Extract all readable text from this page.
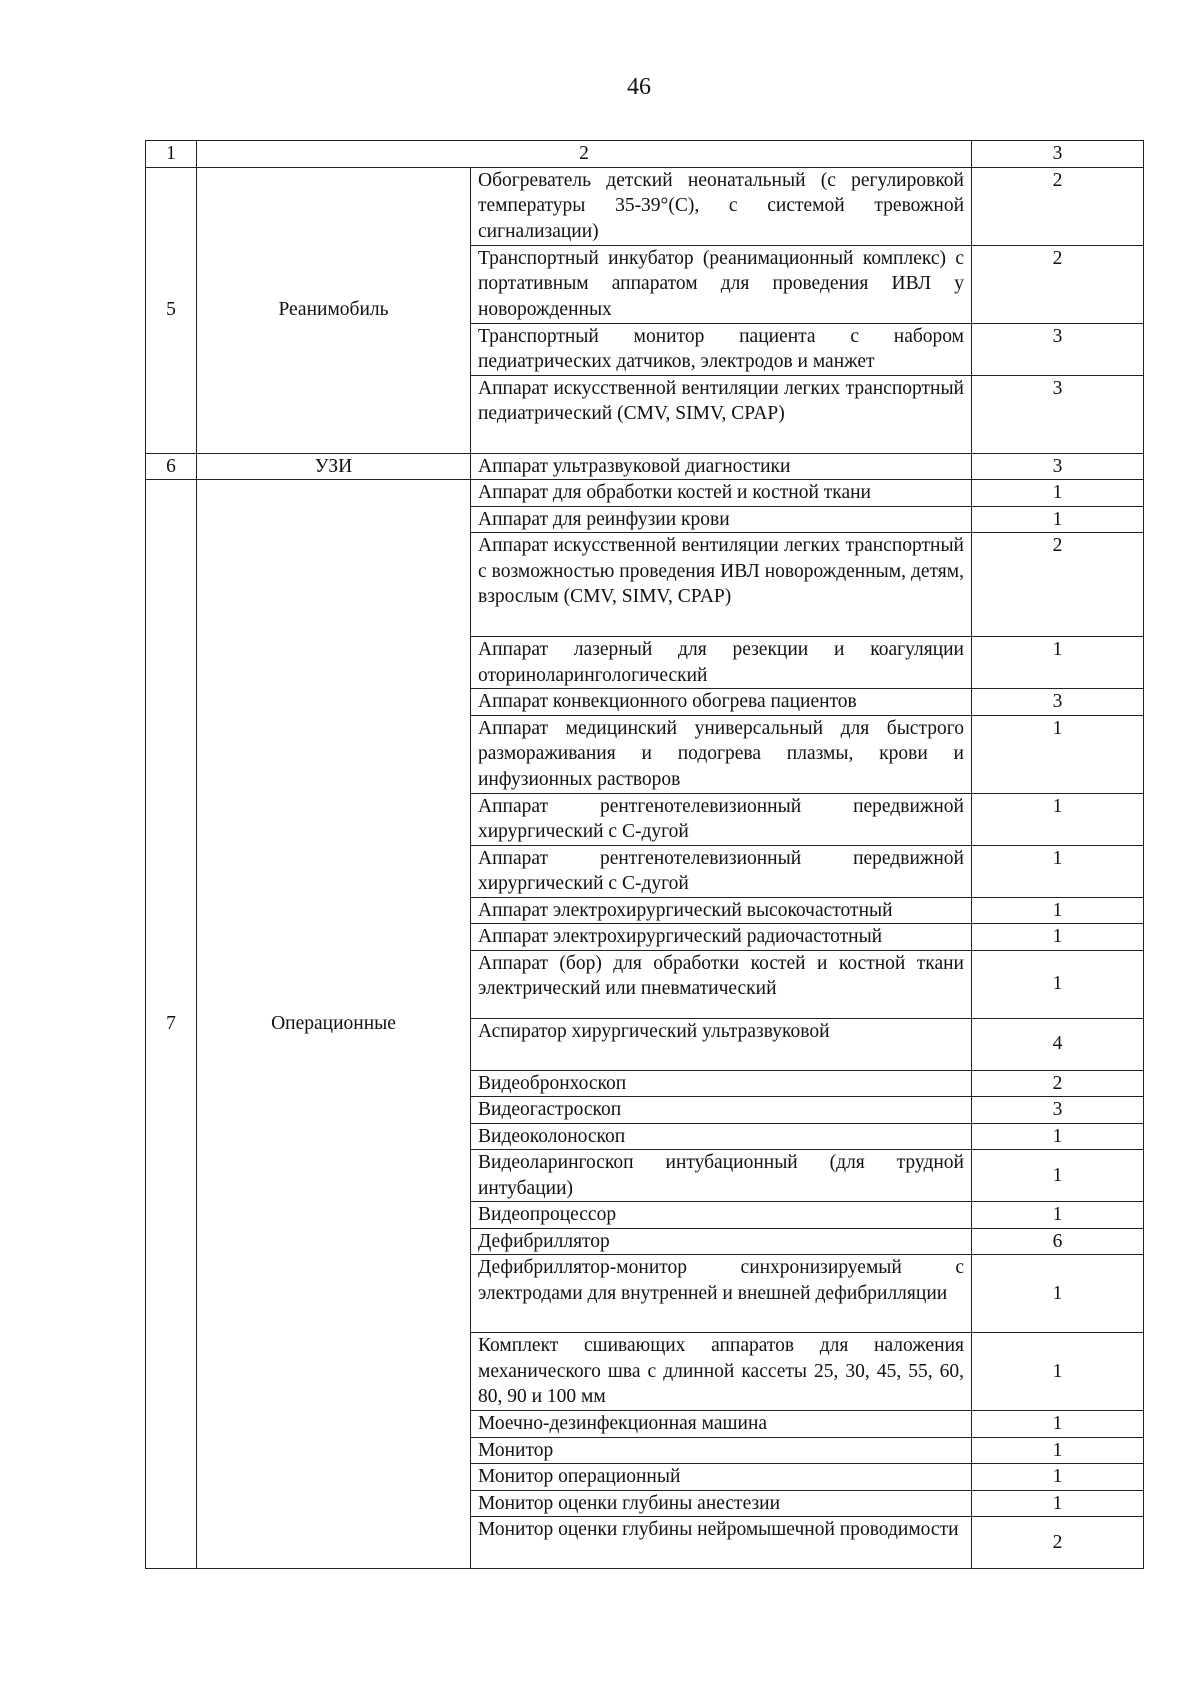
46
1	2		3
5	Реанимобиль	Обогреватель детский неонатальный (с регулировкой температуры 35-39°(С), с системой тревожной сигнализации)	2
		Транспортный инкубатор (реанимационный комплекс) с портативным аппаратом для проведения ИВЛ у новорожденных	2
		Транспортный монитор пациента с набором педиатрических датчиков, электродов и манжет	3
		Аппарат искусственной вентиляции легких транспортный педиатрический (CMV, SIMV, CPAP)	3
6	УЗИ	Аппарат ультразвуковой диагностики	3
7	Операционные	Аппарат для обработки костей и костной ткани	1
		Аппарат для реинфузии крови	1
		Аппарат искусственной вентиляции легких транспортный с возможностью проведения ИВЛ новорожденным, детям, взрослым (CMV, SIMV, CPAP)	2
		Аппарат лазерный для резекции и коагуляции оториноларингологический	1
		Аппарат конвекционного обогрева пациентов	3
		Аппарат медицинский универсальный для быстрого размораживания и подогрева плазмы, крови и инфузионных растворов	1
		Аппарат рентгенотелевизионный передвижной хирургический с С-дугой	1
		Аппарат рентгенотелевизионный передвижной хирургический с С-дугой	1
		Аппарат электрохирургический высокочастотный	1
		Аппарат электрохирургический радиочастотный	1
		Аппарат (бор) для обработки костей и костной ткани электрический или пневматический	1
		Аспиратор хирургический ультразвуковой	4
		Видеобронхоскоп	2
		Видеогастроскоп	3
		Видеоколоноскоп	1
		Видеоларингоскоп интубационный (для трудной интубации)	1
		Видеопроцессор	1
		Дефибриллятор	6
		Дефибриллятор-монитор синхронизируемый с электродами для внутренней и внешней дефибрилляции	1
		Комплект сшивающих аппаратов для наложения механического шва с длинной кассеты 25, 30, 45, 55, 60, 80, 90 и 100 мм	1
		Моечно-дезинфекционная машина	1
		Монитор	1
		Монитор операционный	1
		Монитор оценки глубины анестезии	1
		Монитор оценки глубины нейромышечной проводимости	2
